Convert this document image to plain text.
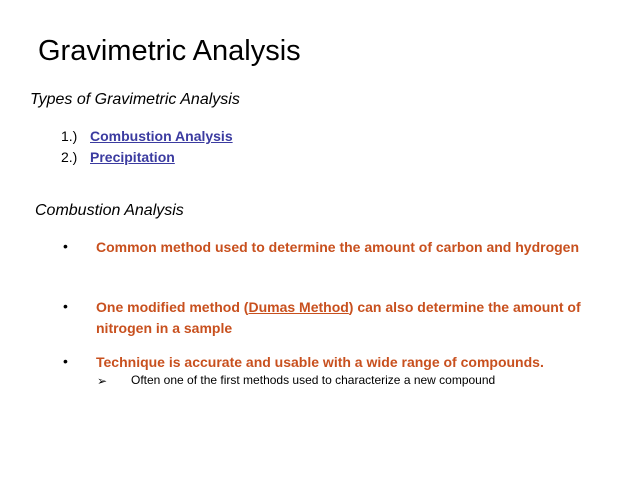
Gravimetric Analysis
Types of Gravimetric Analysis
1.) Combustion Analysis
2.) Precipitation
Combustion Analysis
• Common method used to determine the amount of carbon and hydrogen
• One modified method (Dumas Method) can also determine the amount of nitrogen in a sample
• Technique is accurate and usable with a wide range of compounds.
➢ Often one of the first methods used to characterize a new compound
